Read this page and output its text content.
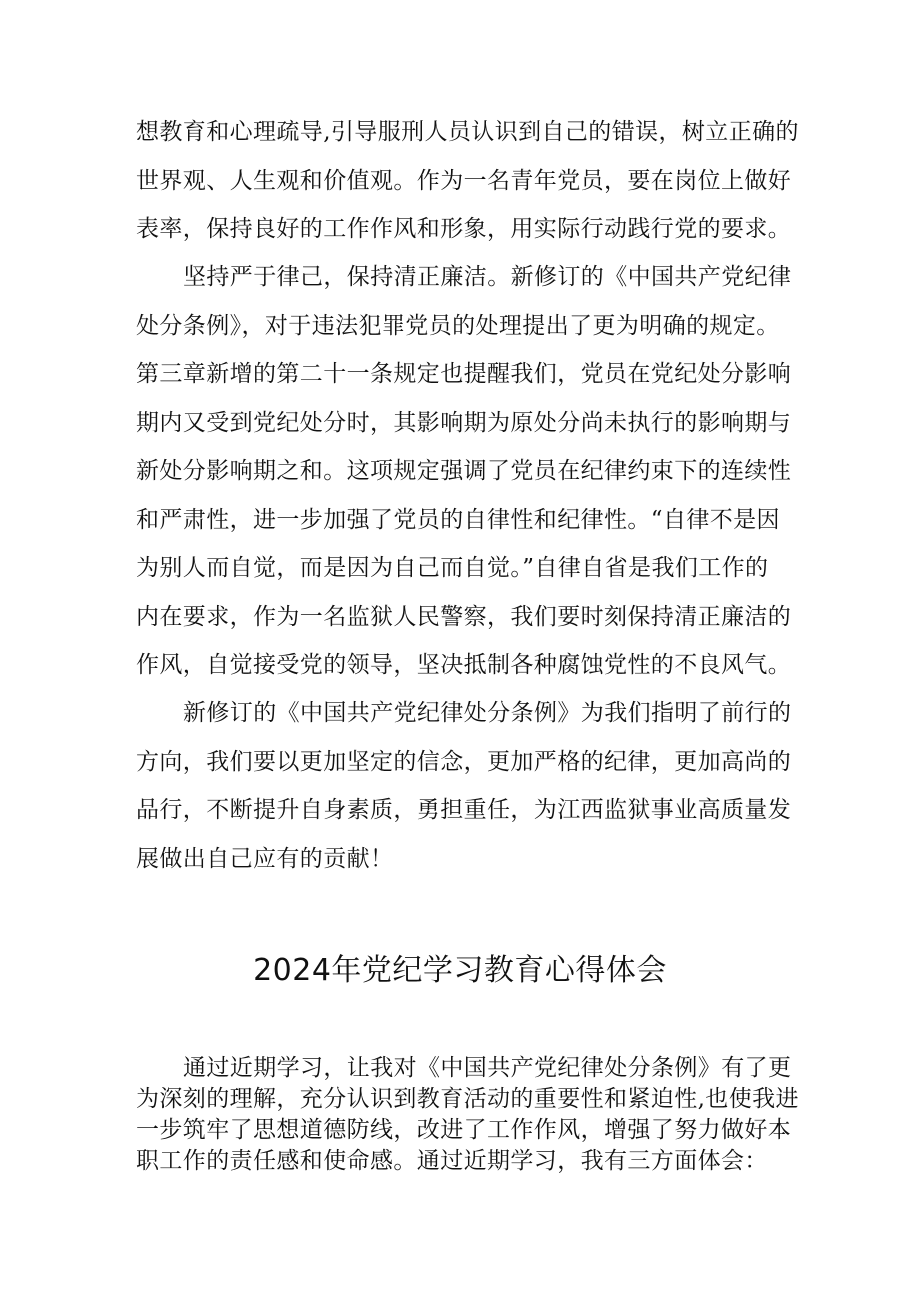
想教育和心理疏导,引导服刑人员认识到自己的错误，树立正确的
世界观、人生观和价值观。作为一名青年党员，要在岗位上做好
表率，保持良好的工作作风和形象，用实际行动践行党的要求。

坚持严于律己，保持清正廉洁。新修订的《中国共产党纪律
处分条例》，对于违法犯罪党员的处理提出了更为明确的规定。
第三章新增的第二十一条规定也提醒我们，党员在党纪处分影响
期内又受到党纪处分时，其影响期为原处分尚未执行的影响期与
新处分影响期之和。这项规定强调了党员在纪律约束下的连续性
和严肃性，进一步加强了党员的自律性和纪律性。“自律不是因
为别人而自觉，而是因为自己而自觉。”自律自省是我们工作的
内在要求，作为一名监狱人民警察，我们要时刻保持清正廉洁的
作风，自觉接受党的领导，坚决抵制各种腐蚀党性的不良风气。

新修订的《中国共产党纪律处分条例》为我们指明了前行的
方向，我们要以更加坚定的信念，更加严格的纪律，更加高尚的
品行，不断提升自身素质，勇担重任，为江西监狱事业高质量发
展做出自己应有的贡献！

2024年党纪学习教育心得体会

通过近期学习，让我对《中国共产党纪律处分条例》有了更
为深刻的理解，充分认识到教育活动的重要性和紧迫性,也使我进
一步筑牢了思想道德防线，改进了工作作风，增强了努力做好本
职工作的责任感和使命感。通过近期学习，我有三方面体会：
